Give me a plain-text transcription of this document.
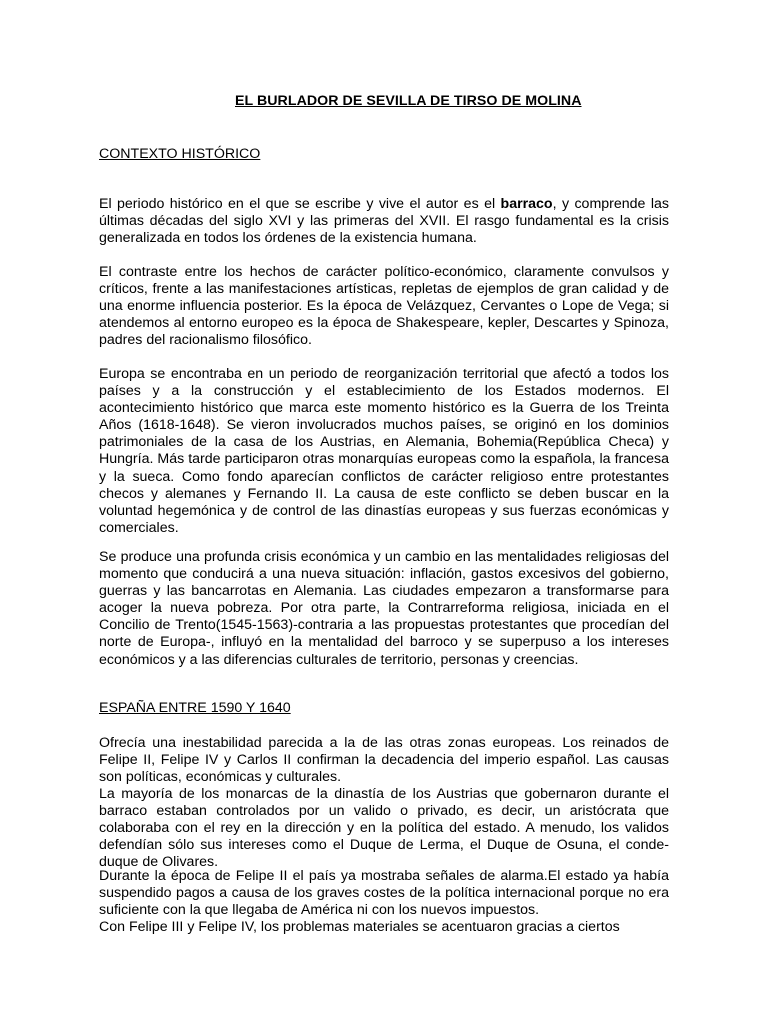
EL BURLADOR DE SEVILLA DE TIRSO DE MOLINA
CONTEXTO HISTÓRICO

El periodo histórico en el que se escribe y vive el autor es el barraco, y comprende las últimas décadas del siglo XVI y las primeras del XVII. El rasgo fundamental es la crisis generalizada en todos los órdenes de la existencia humana.

El contraste entre los hechos de carácter político-económico, claramente convulsos y críticos, frente a las manifestaciones artísticas, repletas de ejemplos de gran calidad y de una enorme influencia posterior. Es la época de Velázquez, Cervantes o Lope de Vega; si atendemos al entorno europeo es la época de Shakespeare, kepler, Descartes y Spinoza, padres del racionalismo filosófico.

Europa se encontraba en un periodo de reorganización territorial que afectó a todos los países y a la construcción y el establecimiento de los Estados modernos. El acontecimiento histórico que marca este momento histórico es la Guerra de los Treinta Años (1618-1648). Se vieron involucrados muchos países, se originó en los dominios patrimoniales de la casa de los Austrias, en Alemania, Bohemia(República Checa) y Hungría. Más tarde participaron otras monarquías europeas como la española, la francesa y la sueca. Como fondo aparecían conflictos de carácter religioso entre protestantes checos y alemanes y Fernando II. La causa de este conflicto se deben buscar en la voluntad hegemónica y de control de las dinastías europeas y sus fuerzas económicas y comerciales.

Se produce una profunda crisis económica y un cambio en las mentalidades religiosas del momento que conducirá a una nueva situación: inflación, gastos excesivos del gobierno, guerras y las bancarrotas en Alemania. Las ciudades empezaron a transformarse para acoger la nueva pobreza. Por otra parte, la Contrarreforma religiosa, iniciada en el Concilio de Trento(1545-1563)-contraria a las propuestas protestantes que procedían del norte de Europa-, influyó en la mentalidad del barroco y se superpuso a los intereses económicos y a las diferencias culturales de territorio, personas y creencias.

ESPAÑA ENTRE 1590 Y 1640

Ofrecía una inestabilidad parecida a la de las otras zonas europeas. Los reinados de Felipe II, Felipe IV y Carlos II confirman la decadencia del imperio español. Las causas son políticas, económicas y culturales.

La mayoría de los monarcas de la dinastía de los Austrias que gobernaron durante el barraco estaban controlados por un valido o privado, es decir, un aristócrata que colaboraba con el rey en la dirección y en la política del estado. A menudo, los validos defendían sólo sus intereses como el Duque de Lerma, el Duque de Osuna, el conde-duque de Olivares.

Durante la época de Felipe II el país ya mostraba señales de alarma.El estado ya había suspendido pagos a causa de los graves costes de la política internacional porque no era suficiente con la que llegaba de América ni con los nuevos impuestos.

Con Felipe III y Felipe IV, los problemas materiales se acentuaron gracias a ciertos
